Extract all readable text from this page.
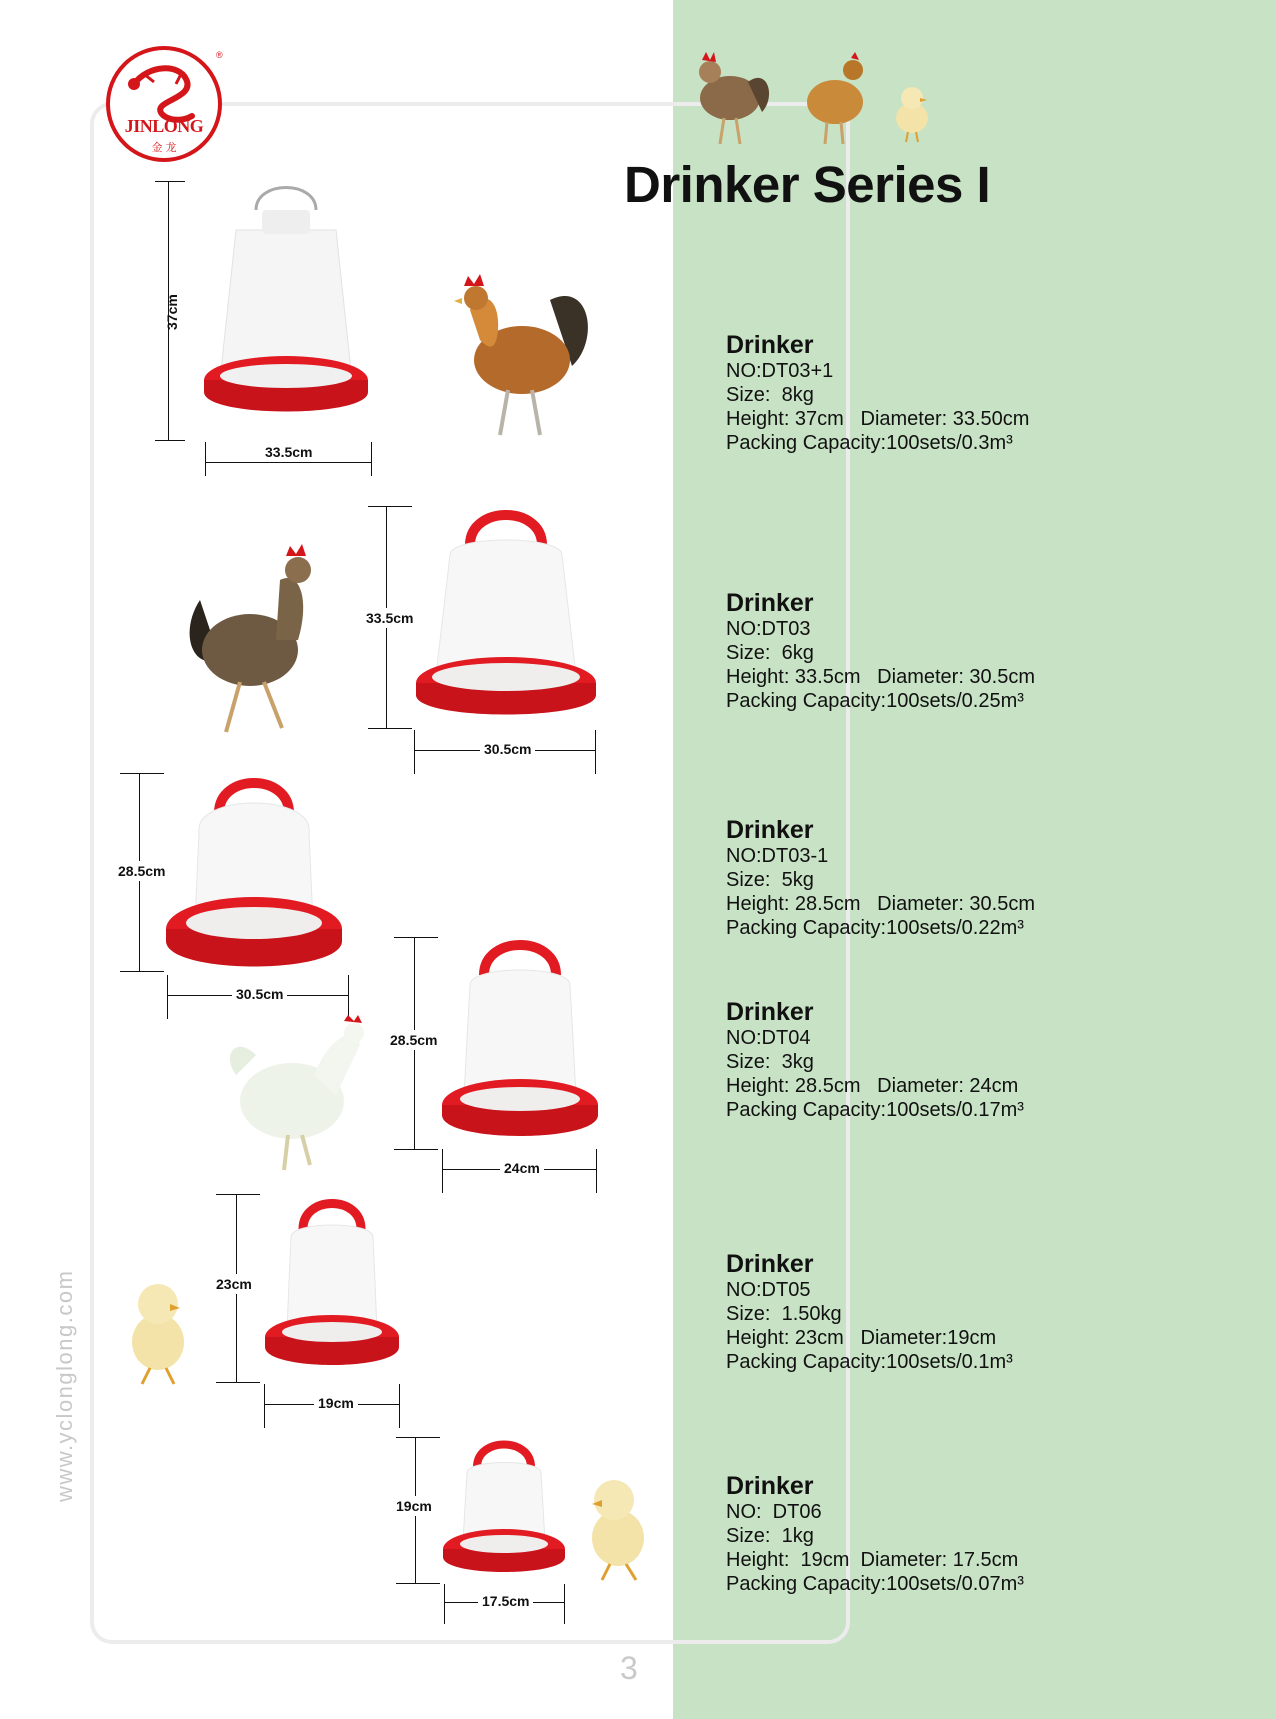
®
JINLONG
金 龙
Drinker Series I
37cm
33.5cm
Drinker
NO:DT03+1
Size:  8kg
Height: 37cm   Diameter: 33.50cm
Packing Capacity:100sets/0.3m³
33.5cm
30.5cm
Drinker
NO:DT03
Size:  6kg
Height: 33.5cm   Diameter: 30.5cm
Packing Capacity:100sets/0.25m³
28.5cm
30.5cm
Drinker
NO:DT03-1
Size:  5kg
Height: 28.5cm   Diameter: 30.5cm
Packing Capacity:100sets/0.22m³
28.5cm
24cm
Drinker
NO:DT04
Size:  3kg
Height: 28.5cm   Diameter: 24cm
Packing Capacity:100sets/0.17m³
23cm
19cm
Drinker
NO:DT05
Size:  1.50kg
Height: 23cm   Diameter:19cm
Packing Capacity:100sets/0.1m³
19cm
17.5cm
Drinker
NO:  DT06
Size:  1kg
Height:  19cm  Diameter: 17.5cm
Packing Capacity:100sets/0.07m³
www.yclonglong.com
3
